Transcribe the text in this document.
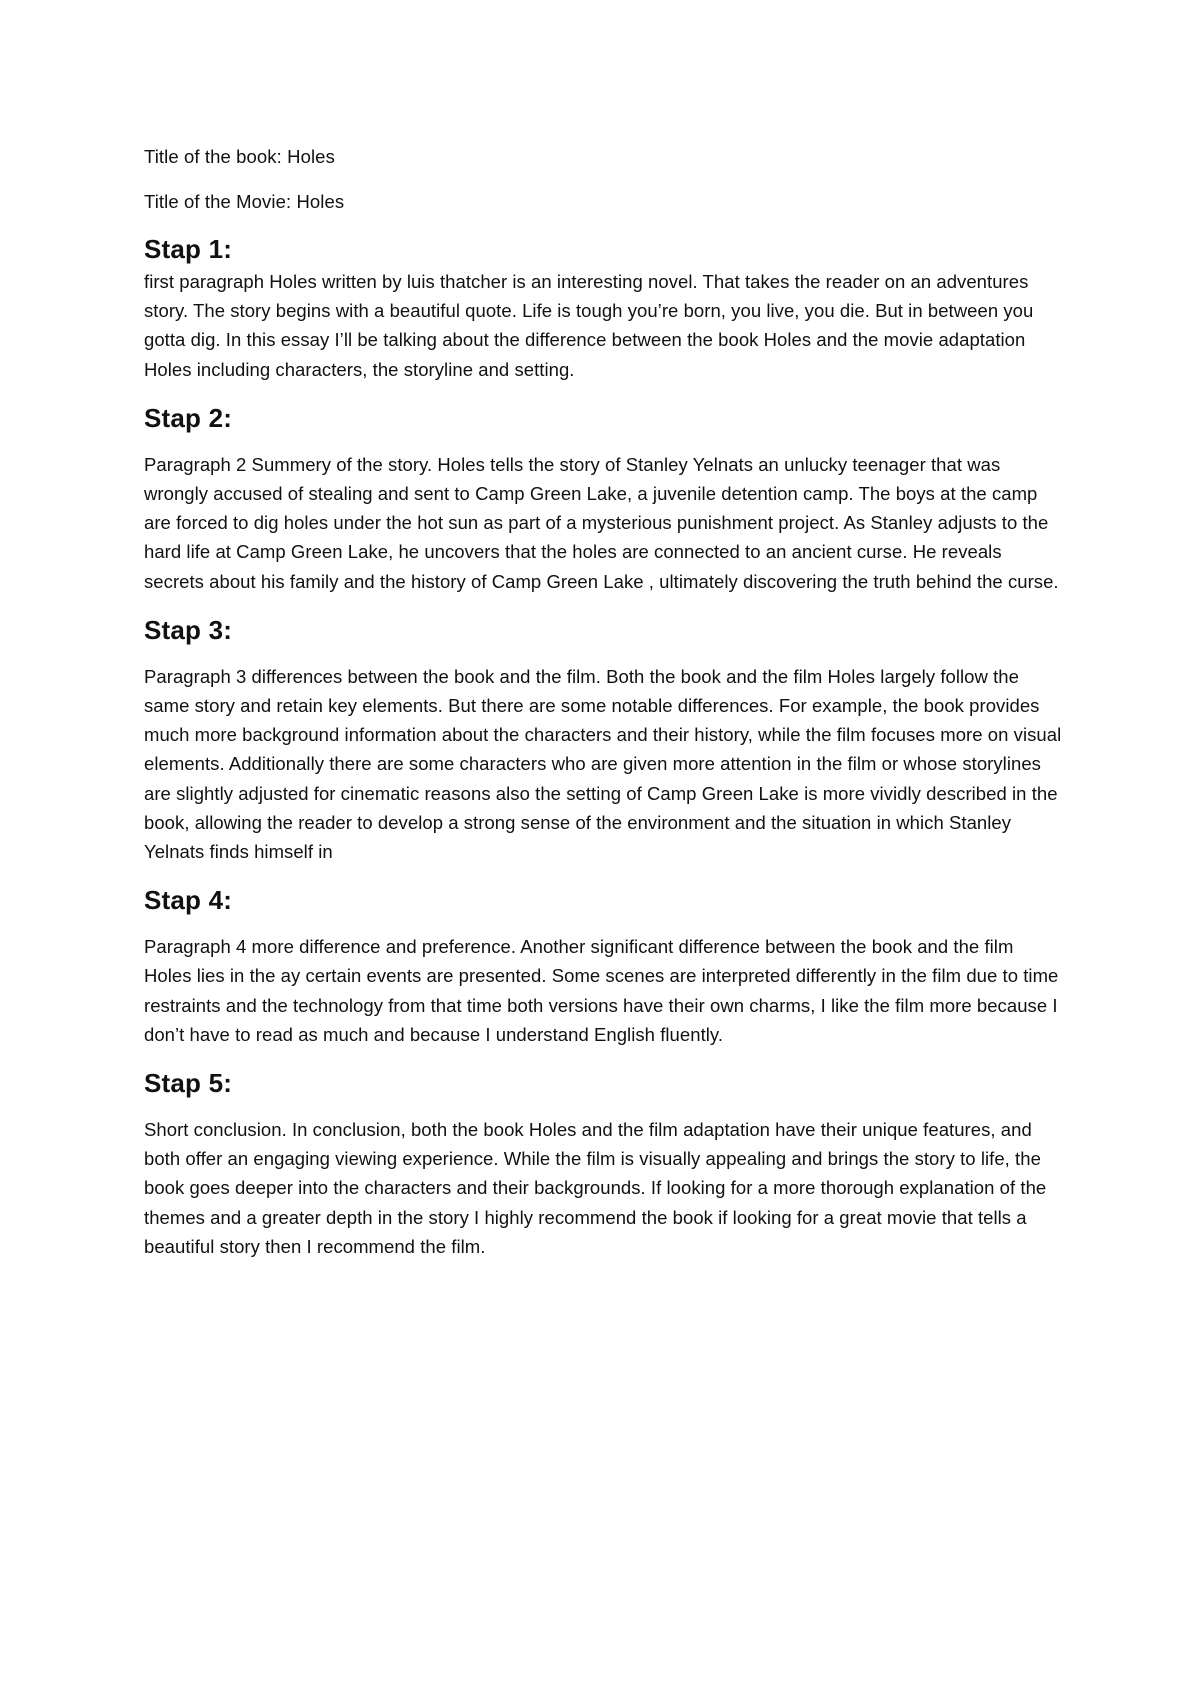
Title of the book: Holes

Title of the Movie: Holes

Stap 1:

first paragraph Holes written by luis thatcher is an interesting novel. That takes the reader on an adventures story. The story begins with a beautiful quote. Life is tough you’re born, you live, you die. But in between you gotta dig. In this essay I’ll be talking about the difference between the book Holes and the movie adaptation Holes including characters, the storyline and setting.

Stap 2:

Paragraph 2 Summery of the story. Holes tells the story of Stanley Yelnats an unlucky teenager that was wrongly accused of stealing and sent to Camp Green Lake, a juvenile detention camp. The boys at the camp are forced to dig holes under the hot sun as part of a mysterious punishment project. As Stanley adjusts to the hard life at Camp Green Lake, he uncovers that the holes are connected to an ancient curse. He reveals secrets about his family and the history of Camp Green Lake , ultimately discovering the truth behind the curse.

Stap 3:

Paragraph 3 differences between the book and the film. Both the book and the film Holes largely follow the same story and retain key elements. But there are some notable differences. For example, the book provides much more background information about the characters and their history, while the film focuses more on visual elements. Additionally there are some characters who are given more attention in the film or whose storylines are slightly adjusted for cinematic reasons also the setting of Camp Green Lake is more vividly described in the book, allowing the reader to develop a strong sense of the environment and the situation in which Stanley Yelnats finds himself in

Stap 4:

Paragraph 4 more difference and preference. Another significant difference between the book and the film Holes lies in the ay certain events are presented. Some scenes are interpreted differently in the film due to time restraints and the technology from that time both versions have their own charms, I like the film more because I don’t have to read as much and because I understand English fluently.

Stap 5:

Short conclusion. In conclusion, both the book Holes and the film adaptation have their unique features, and both offer an engaging viewing experience. While the film is visually appealing and brings the story to life, the book goes deeper into the characters and their backgrounds. If looking for a more thorough explanation of the themes and a greater depth in the story I highly recommend the book if looking for a great movie that tells a beautiful story then I recommend the film.
